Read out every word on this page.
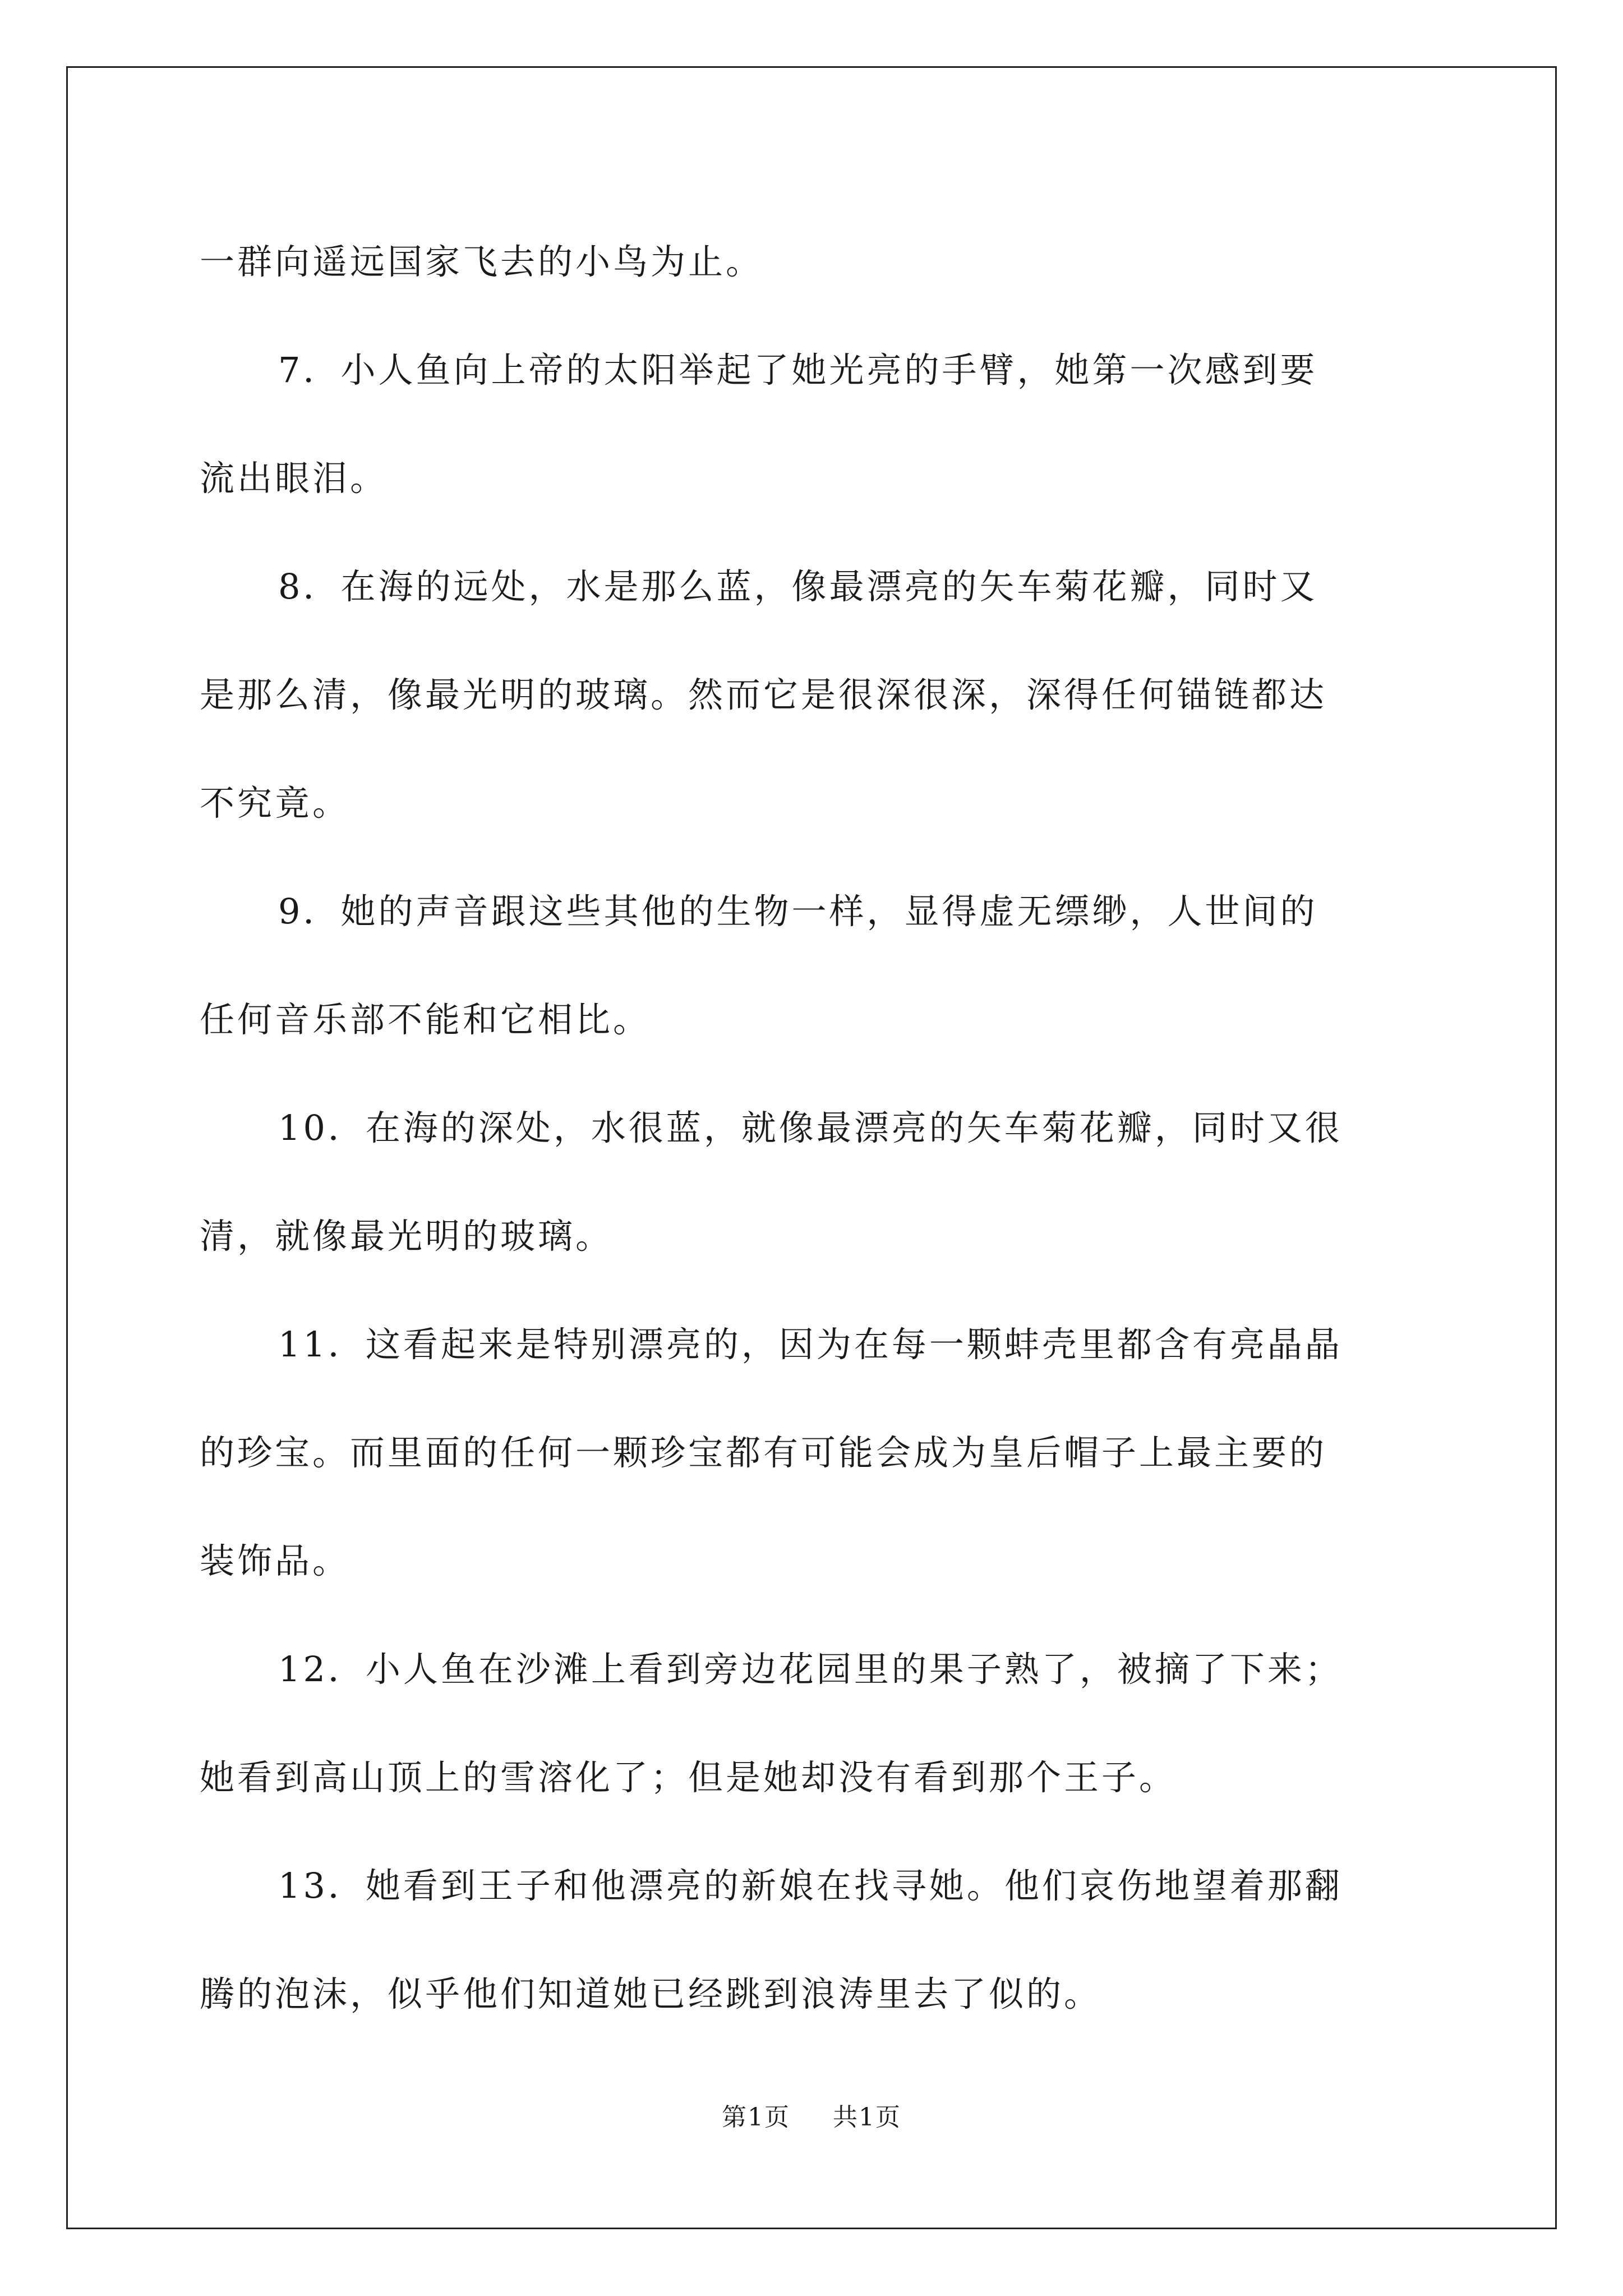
一群向遥远国家飞去的小鸟为止。
7．小人鱼向上帝的太阳举起了她光亮的手臂，她第一次感到要
流出眼泪。
8．在海的远处，水是那么蓝，像最漂亮的矢车菊花瓣，同时又
是那么清，像最光明的玻璃。然而它是很深很深，深得任何锚链都达
不究竟。
9．她的声音跟这些其他的生物一样，显得虚无缥缈，人世间的
任何音乐部不能和它相比。
10．在海的深处，水很蓝，就像最漂亮的矢车菊花瓣，同时又很
清，就像最光明的玻璃。
11．这看起来是特别漂亮的，因为在每一颗蚌壳里都含有亮晶晶
的珍宝。而里面的任何一颗珍宝都有可能会成为皇后帽子上最主要的
装饰品。
12．小人鱼在沙滩上看到旁边花园里的果子熟了，被摘了下来；
她看到高山顶上的雪溶化了；但是她却没有看到那个王子。
13．她看到王子和他漂亮的新娘在找寻她。他们哀伤地望着那翻
腾的泡沫，似乎他们知道她已经跳到浪涛里去了似的。
第1页 共1页
